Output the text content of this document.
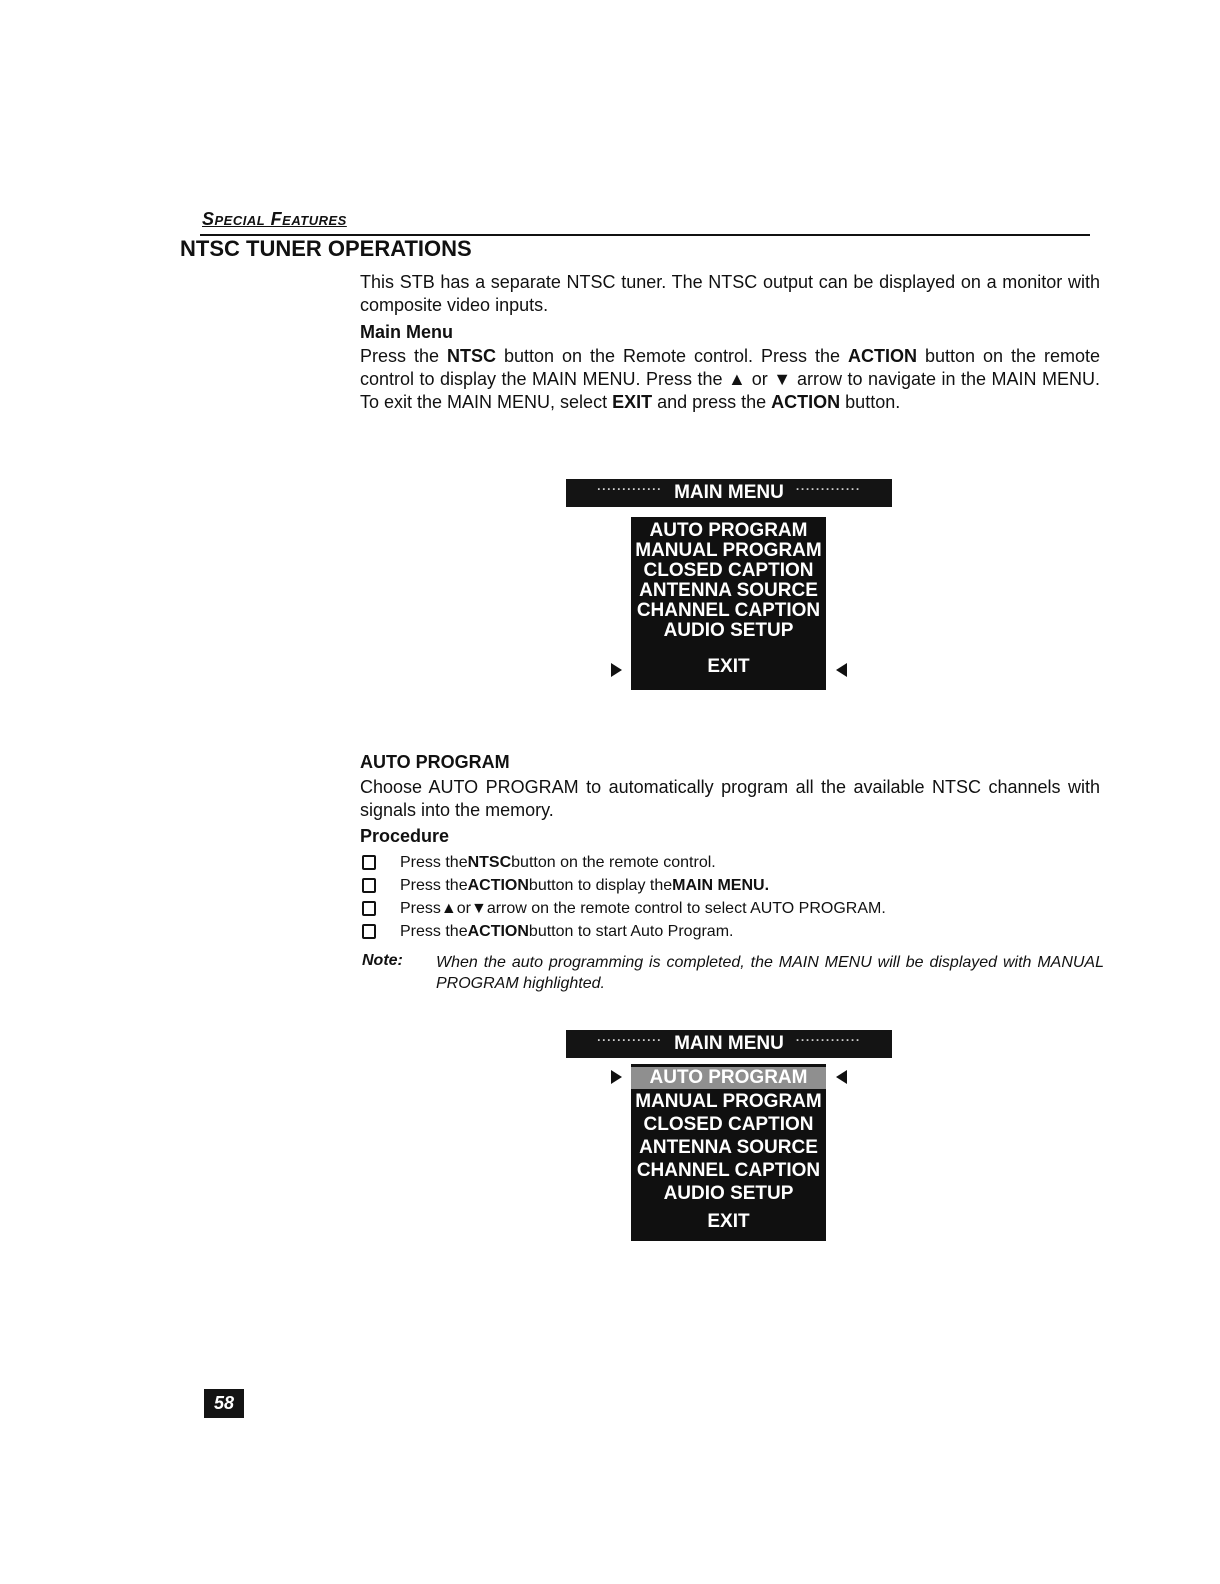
Special Features
NTSC TUNER OPERATIONS
This STB has a separate NTSC tuner. The NTSC output can be displayed on a monitor with composite video inputs.
Main Menu
Press the NTSC button on the Remote control. Press the ACTION button on the remote control to display the MAIN MENU. Press the ▲ or ▼ arrow to navigate in the MAIN MENU. To exit the MAIN MENU, select EXIT and press the ACTION button.
············· MAIN MENU ·············
AUTO PROGRAM
MANUAL PROGRAM
CLOSED CAPTION
ANTENNA SOURCE
CHANNEL CAPTION
AUDIO SETUP
EXIT
AUTO PROGRAM
Choose AUTO PROGRAM to automatically program all the available NTSC channels with signals into the memory.
Procedure
Press the NTSC button on the remote control.
Press the ACTION button to display the MAIN MENU.
Press ▲ or ▼ arrow on the remote control to select AUTO PROGRAM.
Press the ACTION button to start Auto Program.
Note: When the auto programming is completed, the MAIN MENU will be displayed with MANUAL PROGRAM highlighted.
············· MAIN MENU ·············
AUTO PROGRAM
MANUAL PROGRAM
CLOSED CAPTION
ANTENNA SOURCE
CHANNEL CAPTION
AUDIO SETUP
EXIT
58
